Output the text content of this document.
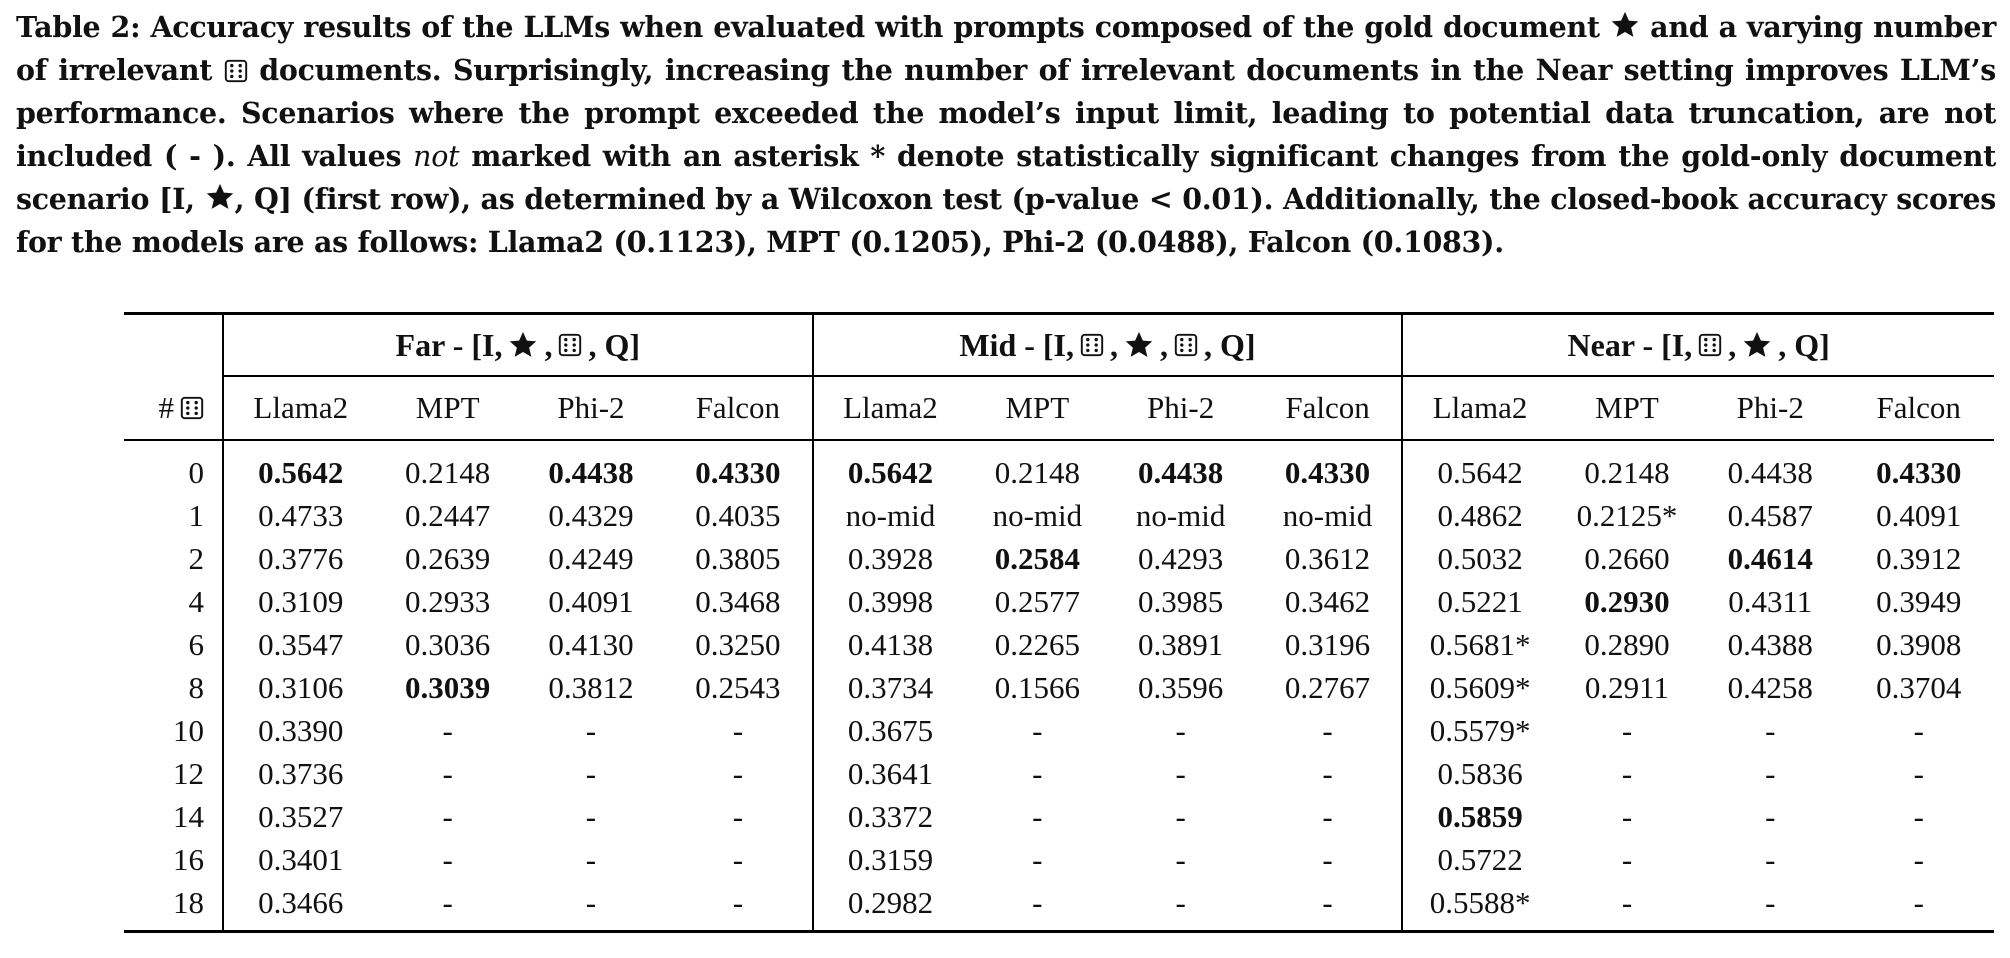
Table 2: Accuracy results of the LLMs when evaluated with prompts composed of the gold document
and a varying number of irrelevant
documents. Surprisingly, increasing the number of irrelevant documents in the Near setting improves LLM’s performance. Scenarios where the prompt exceeded the model’s input limit, leading to potential data truncation, are not included ( - ). All values not marked with an asterisk * denote statistically significant changes from the gold-only document scenario [I,
, Q] (first row), as determined by a Wilcoxon test (p-value < 0.01). Additionally, the closed-book accuracy scores for the models are as follows: Llama2 (0.1123), MPT (0.1205), Phi-2 (0.0488), Falcon (0.1083).

	Far - [I, , , Q]				Mid - [I, , , , Q]				Near - [I, , , Q]			

#	Llama2	MPT	Phi-2	Falcon	Llama2	MPT	Phi-2	Falcon	Llama2	MPT	Phi-2	Falcon
0	0.5642	0.2148	0.4438	0.4330	0.5642	0.2148	0.4438	0.4330	0.5642	0.2148	0.4438	0.4330
1	0.4733	0.2447	0.4329	0.4035	no-mid	no-mid	no-mid	no-mid	0.4862	0.2125*	0.4587	0.4091
2	0.3776	0.2639	0.4249	0.3805	0.3928	0.2584	0.4293	0.3612	0.5032	0.2660	0.4614	0.3912
4	0.3109	0.2933	0.4091	0.3468	0.3998	0.2577	0.3985	0.3462	0.5221	0.2930	0.4311	0.3949
6	0.3547	0.3036	0.4130	0.3250	0.4138	0.2265	0.3891	0.3196	0.5681*	0.2890	0.4388	0.3908
8	0.3106	0.3039	0.3812	0.2543	0.3734	0.1566	0.3596	0.2767	0.5609*	0.2911	0.4258	0.3704
10	0.3390	-	-	-	0.3675	-	-	-	0.5579*	-	-	-
12	0.3736	-	-	-	0.3641	-	-	-	0.5836	-	-	-
14	0.3527	-	-	-	0.3372	-	-	-	0.5859	-	-	-
16	0.3401	-	-	-	0.3159	-	-	-	0.5722	-	-	-
18	0.3466	-	-	-	0.2982	-	-	-	0.5588*	-	-	-
